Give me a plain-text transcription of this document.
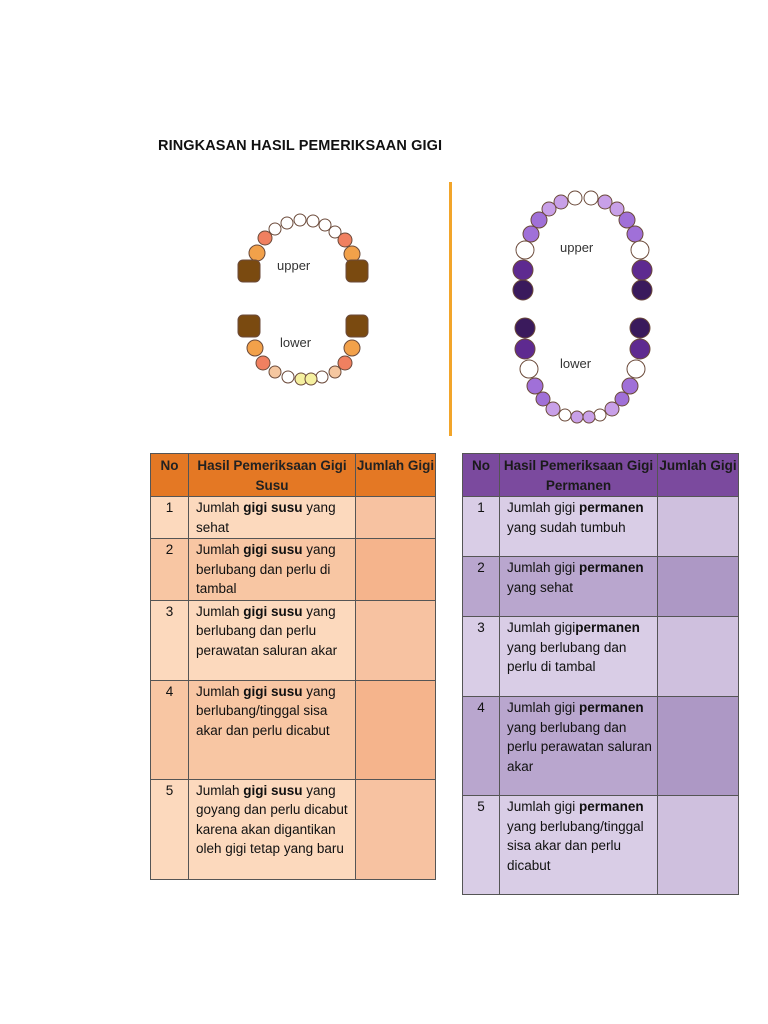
RINGKASAN HASIL PEMERIKSAAN GIGI
upper
lower
upper
lower
No	Hasil Pemeriksaan Gigi Susu	Jumlah Gigi
1	Jumlah gigi susu yang sehat	
2	Jumlah gigi susu yang berlubang dan perlu di tambal	
3	Jumlah gigi susu yang berlubang dan perlu perawatan saluran akar	
4	Jumlah gigi susu yang berlubang/tinggal sisa akar dan perlu dicabut	
5	Jumlah gigi susu yang goyang dan perlu dicabut karena akan digantikan oleh gigi tetap yang baru	
No	Hasil Pemeriksaan Gigi Permanen	Jumlah Gigi
1	Jumlah gigi permanen yang sudah tumbuh	
2	Jumlah gigi permanen yang sehat	
3	Jumlah gigipermanen yang berlubang dan perlu di tambal	
4	Jumlah gigi permanen yang berlubang dan perlu perawatan saluran akar	
5	Jumlah gigi permanen yang berlubang/tinggal sisa akar dan perlu dicabut	
